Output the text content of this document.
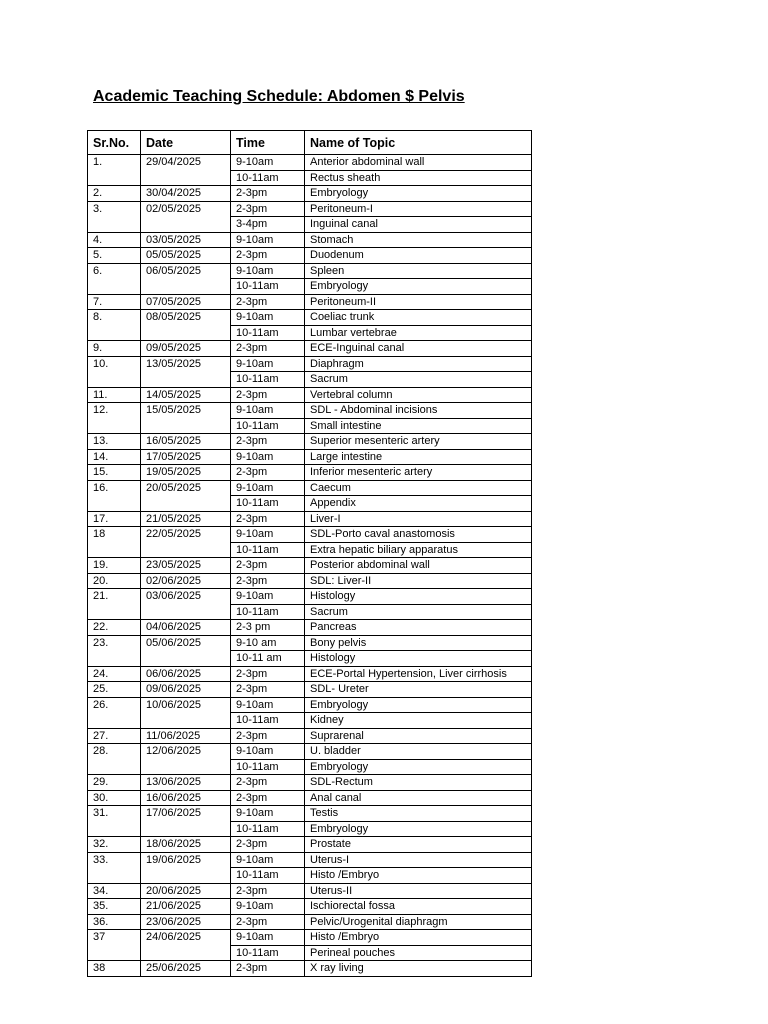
Academic Teaching Schedule: Abdomen $ Pelvis
Sr.No.	Date	Time	Name of Topic
1.	29/04/2025	9-10am	Anterior abdominal wall
		10-11am	Rectus sheath
2.	30/04/2025	2-3pm	Embryology
3.	02/05/2025	2-3pm	Peritoneum-I
		3-4pm	Inguinal canal
4.	03/05/2025	9-10am	Stomach
5.	05/05/2025	2-3pm	Duodenum
6.	06/05/2025	9-10am	Spleen
		10-11am	Embryology
7.	07/05/2025	2-3pm	Peritoneum-II
8.	08/05/2025	9-10am	Coeliac trunk
		10-11am	Lumbar vertebrae
9.	09/05/2025	2-3pm	ECE-Inguinal canal
10.	13/05/2025	9-10am	Diaphragm
		10-11am	Sacrum
11.	14/05/2025	2-3pm	Vertebral column
12.	15/05/2025	9-10am	SDL - Abdominal incisions
		10-11am	Small intestine
13.	16/05/2025	2-3pm	Superior mesenteric artery
14.	17/05/2025	9-10am	Large intestine
15.	19/05/2025	2-3pm	Inferior mesenteric artery
16.	20/05/2025	9-10am	Caecum
		10-11am	Appendix
17.	21/05/2025	2-3pm	Liver-I
18	22/05/2025	9-10am	SDL-Porto caval anastomosis
		10-11am	Extra hepatic biliary apparatus
19.	23/05/2025	2-3pm	Posterior abdominal wall
20.	02/06/2025	2-3pm	SDL: Liver-II
21.	03/06/2025	9-10am	Histology
		10-11am	Sacrum
22.	04/06/2025	2-3 pm	Pancreas
23.	05/06/2025	9-10 am	Bony pelvis
		10-11 am	Histology
24.	06/06/2025	2-3pm	ECE-Portal Hypertension, Liver cirrhosis
25.	09/06/2025	2-3pm	SDL- Ureter
26.	10/06/2025	9-10am	Embryology
		10-11am	Kidney
27.	11/06/2025	2-3pm	Suprarenal
28.	12/06/2025	9-10am	U. bladder
		10-11am	Embryology
29.	13/06/2025	2-3pm	SDL-Rectum
30.	16/06/2025	2-3pm	Anal canal
31.	17/06/2025	9-10am	Testis
		10-11am	Embryology
32.	18/06/2025	2-3pm	Prostate
33.	19/06/2025	9-10am	Uterus-I
		10-11am	Histo /Embryo
34.	20/06/2025	2-3pm	Uterus-II
35.	21/06/2025	9-10am	Ischiorectal fossa
36.	23/06/2025	2-3pm	Pelvic/Urogenital diaphragm
37	24/06/2025	9-10am	Histo /Embryo
		10-11am	Perineal pouches
38	25/06/2025	2-3pm	X ray living
